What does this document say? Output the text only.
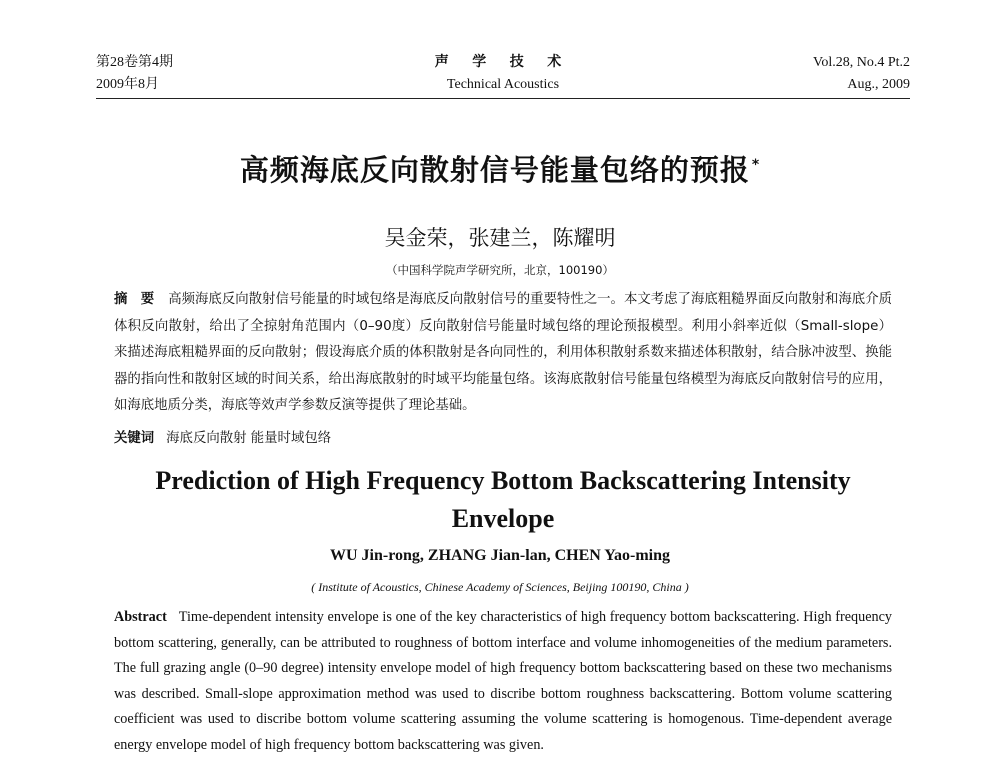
第28卷第4期
2009年8月
声 学 技 术
Technical Acoustics
Vol.28, No.4 Pt.2
Aug., 2009
高频海底反向散射信号能量包络的预报 *
吴金荣，张建兰，陈耀明
（中国科学院声学研究所，北京，100190）
摘　要 高频海底反向散射信号能量的时域包络是海底反向散射信号的重要特性之一。本文考虑了海底粗糙界面反向散射和海底介质体积反向散射，给出了全掠射角范围内（0–90度）反向散射信号能量时域包络的理论预报模型。利用小斜率近似（Small-slope）来描述海底粗糙界面的反向散射；假设海底介质的体积散射是各向同性的，利用体积散射系数来描述体积散射，结合脉冲波型、换能器的指向性和散射区域的时间关系，给出海底散射的时域平均能量包络。该海底散射信号能量包络模型为海底反向散射信号的应用，如海底地质分类，海底等效声学参数反演等提供了理论基础。
关键词 海底反向散射 能量时域包络
Prediction of High Frequency Bottom Backscattering Intensity Envelope
WU Jin-rong, ZHANG Jian-lan, CHEN Yao-ming
( Institute of Acoustics, Chinese Academy of Sciences, Beijing 100190, China )
Abstract Time-dependent intensity envelope is one of the key characteristics of high frequency bottom backscattering. High frequency bottom scattering, generally, can be attributed to roughness of bottom interface and volume inhomogeneities of the medium parameters. The full grazing angle (0–90 degree) intensity envelope model of high frequency bottom backscattering based on these two mechanisms was described. Small-slope approximation method was used to discribe bottom roughness backscattering. Bottom volume scattering coefficient was used to discribe bottom volume scattering assuming the volume scattering is homogenous. Time-dependent average energy envelope model of high frequency bottom backscattering was given.
